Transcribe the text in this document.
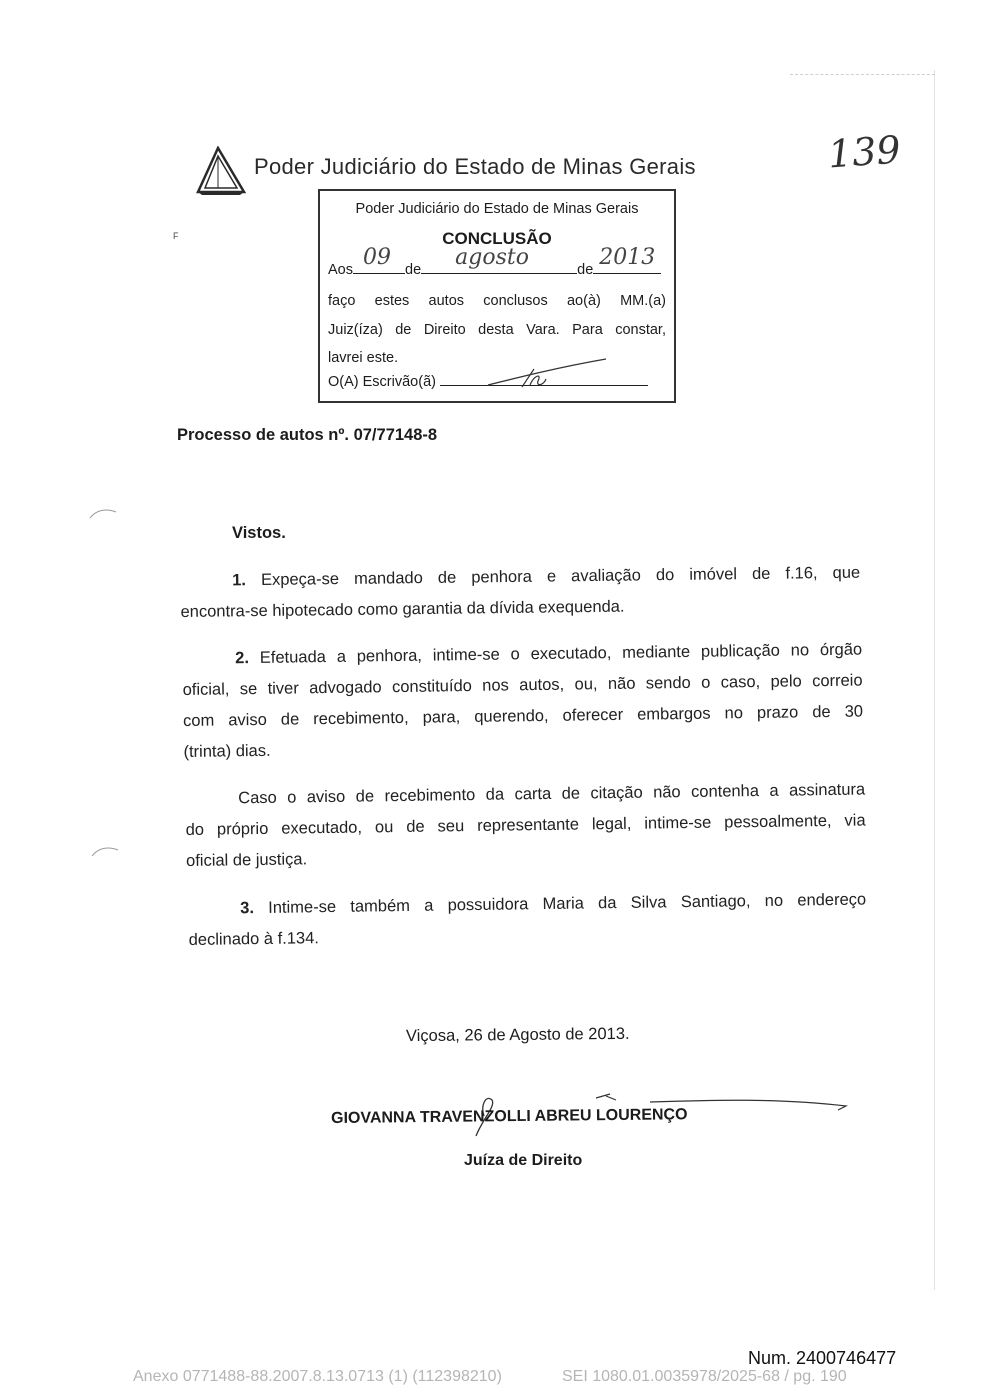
139
Poder Judiciário do Estado de Minas Gerais
F
Poder Judiciário do Estado de Minas Gerais
CONCLUSÃO
Aos 09 de agosto	de 2013
faço estes autos conclusos ao(à) MM.(a)
Juiz(íza) de Direito desta Vara. Para constar,
lavrei este.
O(A) Escrivão(ã)
Processo de autos nº. 07/77148-8
Vistos.
1. Expeça-se mandado de penhora e avaliação do imóvel de f.16, que
encontra-se hipotecado como garantia da dívida exequenda.
2. Efetuada a penhora, intime-se o executado, mediante publicação no órgão
oficial, se tiver advogado constituído nos autos, ou, não sendo o caso, pelo correio
com aviso de recebimento, para, querendo, oferecer embargos no prazo de 30
(trinta) dias.
Caso o aviso de recebimento da carta de citação não contenha a assinatura
do próprio executado, ou de seu representante legal, intime-se pessoalmente, via
oficial de justiça.
3. Intime-se também a possuidora Maria da Silva Santiago, no endereço
declinado à f.134.
Viçosa, 26 de Agosto de 2013.
GIOVANNA TRAVENZOLLI ABREU LOURENÇO
Juíza de Direito
Num. 2400746477
Anexo 0771488-88.2007.8.13.0713 (1) (112398210)	SEI 1080.01.0035978/2025-68 / pg. 190
